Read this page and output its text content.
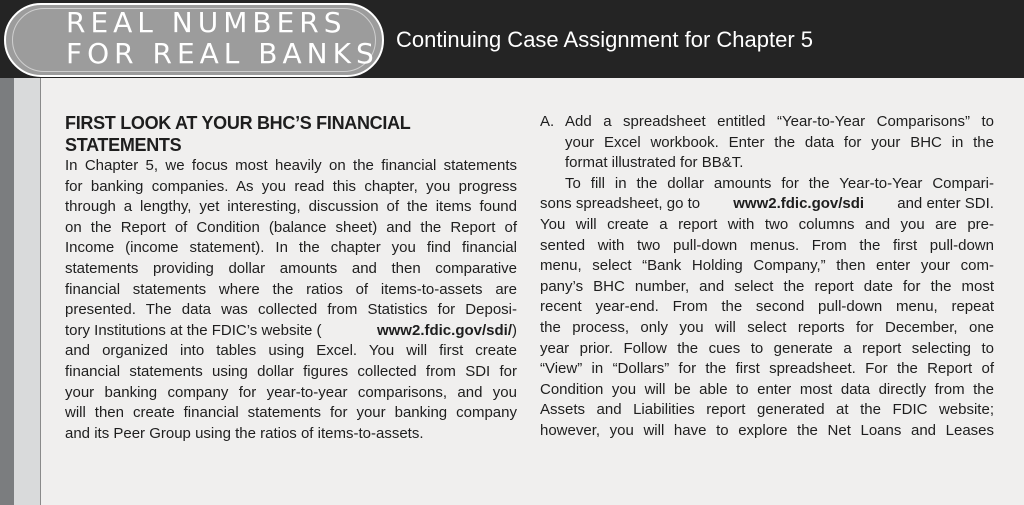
REAL NUMBERS
FOR REAL BANKS Continuing Case Assignment for Chapter 5
FIRST LOOK AT YOUR BHC’S FINANCIAL
STATEMENTS

In Chapter 5, we focus most heavily on the financial statements

for banking companies. As you read this chapter, you progress

through a lengthy, yet interesting, discussion of the items found

on the Report of Condition (balance sheet) and the Report of

Income (income statement). In the chapter you find financial

statements providing dollar amounts and then comparative

financial statements where the ratios of items-to-assets are

presented. The data was collected from Statistics for Deposi-

tory Institutions at the FDIC’s website (	www2.fdic.gov/sdi/)

and organized into tables using Excel. You will first create

financial statements using dollar figures collected from SDI for

your banking company for year-to-year comparisons, and you

will then create financial statements for your banking company

and its Peer Group using the ratios of items-to-assets.

A. Add a spreadsheet entitled “Year-to-Year Comparisons” to

your Excel workbook. Enter the data for your BHC in the

format illustrated for BB&T.

To fill in the dollar amounts for the Year-to-Year Compari-

sons spreadsheet, go to www2.fdic.gov/sdi and enter SDI.

You will create a report with two columns and you are pre-

sented with two pull-down menus. From the first pull-down

menu, select “Bank Holding Company,” then enter your com-

pany’s BHC number, and select the report date for the most

recent year-end. From the second pull-down menu, repeat

the process, only you will select reports for December, one

year prior. Follow the cues to generate a report selecting to

“View” in “Dollars” for the first spreadsheet. For the Report of

Condition you will be able to enter most data directly from the

Assets and Liabilities report generated at the FDIC website;

however, you will have to explore the Net Loans and Leases
